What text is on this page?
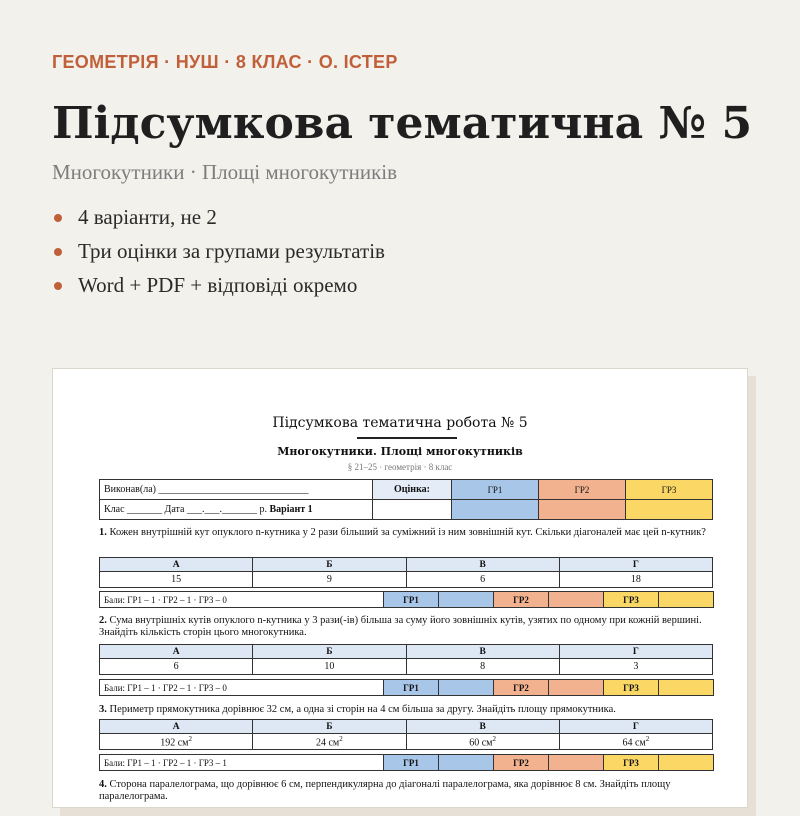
ГЕОМЕТРІЯ · НУШ · 8 КЛАС · О. ІСТЕР
Підсумкова тематична № 5
Многокутники · Площі многокутників
4 варіанти, не 2
Три оцінки за групами результатів
Word + PDF + відповіді окремо
Підсумкова тематична робота № 5
Многокутники. Площі многокутників
§ 21–25 · геометрія · 8 клас
Виконав(ла) ______________________________	Оцінка:	ГР1	ГР2	ГР3
Клас _______ Дата ___.___._______ р. Варіант 1				
1. Кожен внутрішній кут опуклого n-кутника у 2 рази більший за суміжний із ним зовнішній кут. Скільки діагоналей має цей n-кутник?
А	Б	В	Г
15	9	6	18
Бали: ГР1 – 1 · ГР2 – 1 · ГР3 – 0	ГР1		ГР2		ГР3	
2. Сума внутрішніх кутів опуклого n-кутника у 3 рази(-ів) більша за суму його зовнішніх кутів, узятих по одному при кожній вершині. Знайдіть кількість сторін цього многокутника.
А	Б	В	Г
6	10	8	3
Бали: ГР1 – 1 · ГР2 – 1 · ГР3 – 0	ГР1		ГР2		ГР3	
3. Периметр прямокутника дорівнює 32 см, а одна зі сторін на 4 см більша за другу. Знайдіть площу прямокутника.
А	Б	В	Г
192 $см^2$	24 $см^2$	60 $см^2$	64 $см^2$
Бали: ГР1 – 1 · ГР2 – 1 · ГР3 – 1	ГР1		ГР2		ГР3	
4. Сторона паралелограма, що дорівнює 6 см, перпендикулярна до діагоналі паралелограма, яка дорівнює 8 см. Знайдіть площу паралелограма.
